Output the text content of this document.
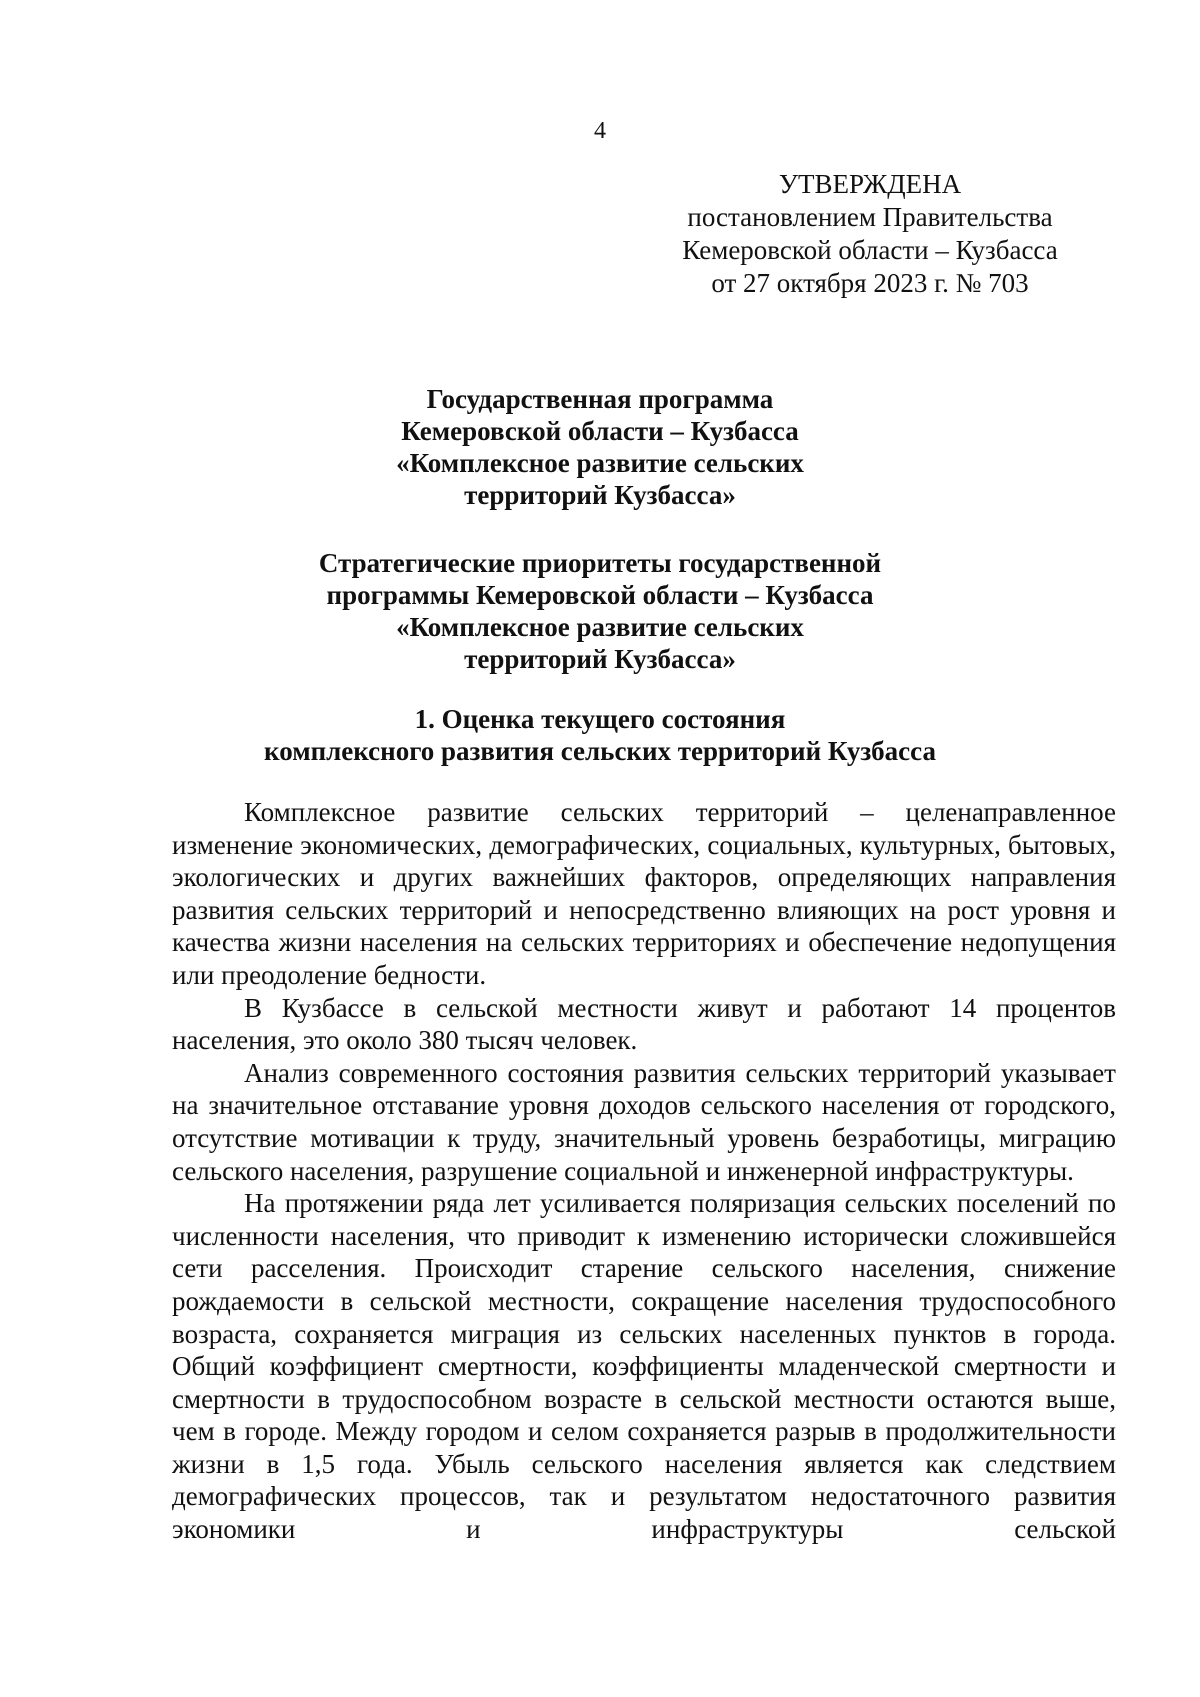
4
УТВЕРЖДЕНА
постановлением Правительства
Кемеровской области – Кузбасса
от 27 октября 2023 г. № 703
Государственная программа
Кемеровской области – Кузбасса
«Комплексное развитие сельских
территорий Кузбасса»
Стратегические приоритеты государственной
программы Кемеровской области – Кузбасса
«Комплексное развитие сельских
территорий Кузбасса»
1. Оценка текущего состояния
комплексного развития сельских территорий Кузбасса

Комплексное развитие сельских территорий – целенаправленное изменение экономических, демографических, социальных, культурных, бытовых, экологических и других важнейших факторов, определяющих направления развития сельских территорий и непосредственно влияющих на рост уровня и качества жизни населения на сельских территориях и обеспечение недопущения или преодоление бедности.

В Кузбассе в сельской местности живут и работают 14 процентов населения, это около 380 тысяч человек.

Анализ современного состояния развития сельских территорий указывает на значительное отставание уровня доходов сельского населения от городского, отсутствие мотивации к труду, значительный уровень безработицы, миграцию сельского населения, разрушение социальной и инженерной инфраструктуры.

На протяжении ряда лет усиливается поляризация сельских поселений по численности населения, что приводит к изменению исторически сложившейся сети расселения. Происходит старение сельского населения, снижение рождаемости в сельской местности, сокращение населения трудоспособного возраста, сохраняется миграция из сельских населенных пунктов в города. Общий коэффициент смертности, коэффициенты младенческой смертности и смертности в трудоспособном возрасте в сельской местности остаются выше, чем в городе. Между городом и селом сохраняется разрыв в продолжительности жизни в 1,5 года. Убыль сельского населения является как следствием демографических процессов, так и результатом недостаточного развития экономики и инфраструктуры сельской
